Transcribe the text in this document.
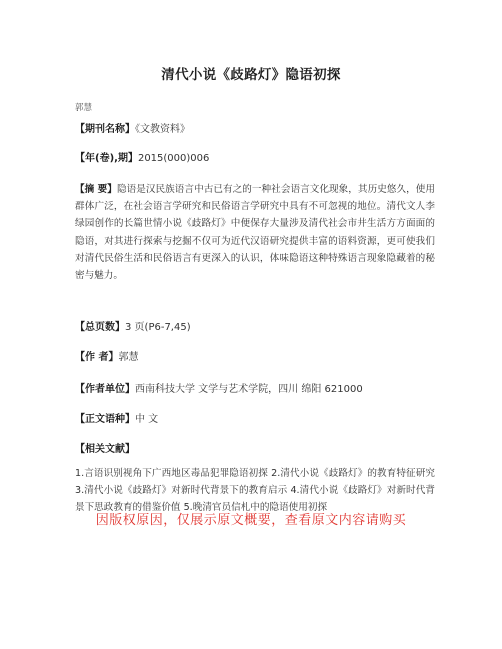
清代小说《歧路灯》隐语初探
郭慧
【期刊名称】《文教资料》
【年(卷),期】2015(000)006
【摘 要】隐语是汉民族语言中古已有之的一种社会语言文化现象，其历史悠久，使用群体广泛，在社会语言学研究和民俗语言学研究中具有不可忽视的地位。清代文人李绿园创作的长篇世情小说《歧路灯》中便保存大量涉及清代社会市井生活方方面面的隐语，对其进行探索与挖掘不仅可为近代汉语研究提供丰富的语料资源，更可使我们对清代民俗生活和民俗语言有更深入的认识，体味隐语这种特殊语言现象隐藏着的秘密与魅力。
【总页数】3 页(P6-7,45)
【作 者】郭慧
【作者单位】西南科技大学 文学与艺术学院，四川 绵阳 621000
【正文语种】中 文
【相关文献】
1.言语识别视角下广西地区毒品犯罪隐语初探 2.清代小说《歧路灯》的教育特征研究 3.清代小说《歧路灯》对新时代背景下的教育启示 4.清代小说《歧路灯》对新时代背景下思政教育的借鉴价值 5.晚清官员信札中的隐语使用初探
因版权原因，仅展示原文概要，查看原文内容请购买
